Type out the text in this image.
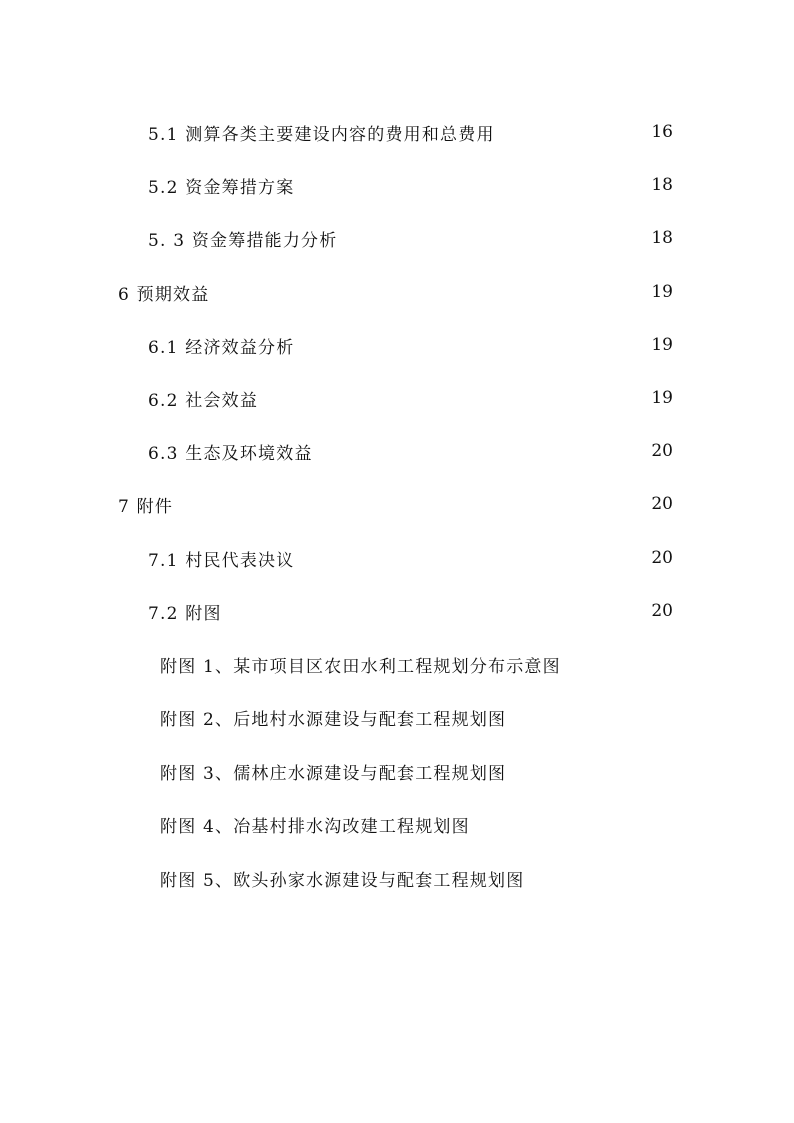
5.1 测算各类主要建设内容的费用和总费用	16
5.2 资金筹措方案	18
5. 3 资金筹措能力分析	18
6 预期效益	19
6.1 经济效益分析	19
6.2 社会效益	19
6.3 生态及环境效益	20
7 附件	20
7.1 村民代表决议	20
7.2 附图	20
附图 1、某市项目区农田水利工程规划分布示意图
附图 2、后地村水源建设与配套工程规划图
附图 3、儒林庄水源建设与配套工程规划图
附图 4、冶基村排水沟改建工程规划图
附图 5、欧头孙家水源建设与配套工程规划图
